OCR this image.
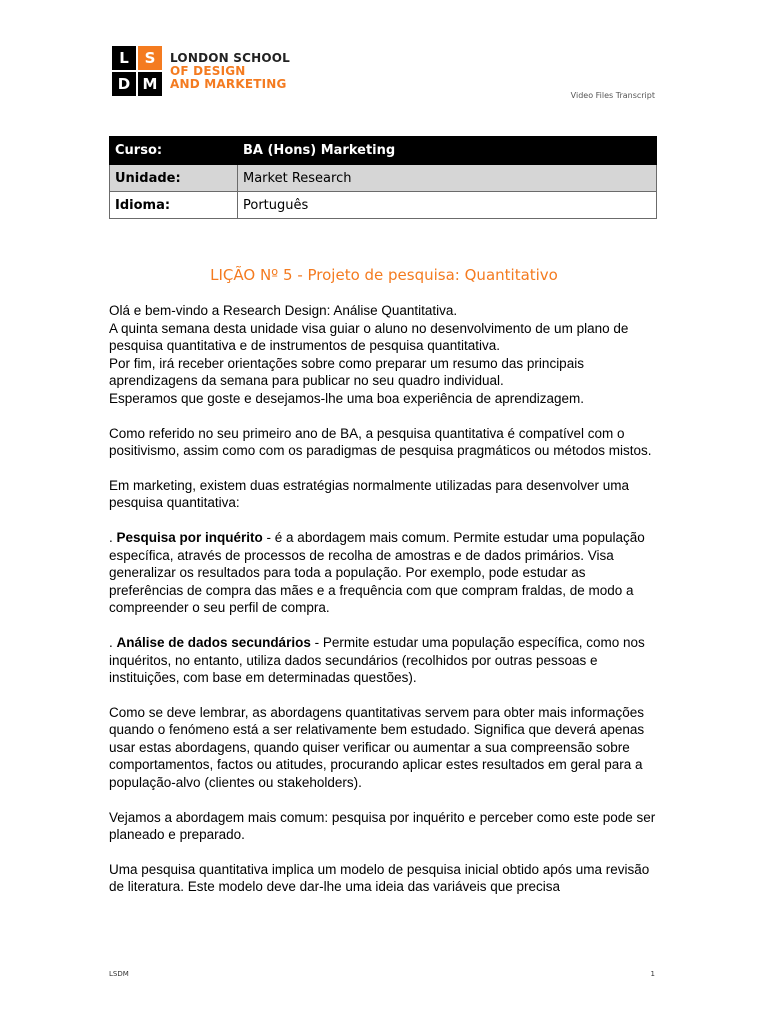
L	S
D M
LONDON SCHOOL
OF DESIGN
AND MARKETING
Video Files Transcript
Curso:	BA (Hons) Marketing
Unidade:	Market Research
Idioma:	Português
LIÇÃO Nº 5 - Projeto de pesquisa: Quantitativo

Olá e bem-vindo a Research Design: Análise Quantitativa.
A quinta semana desta unidade visa guiar o aluno no desenvolvimento de um plano de pesquisa quantitativa e de instrumentos de pesquisa quantitativa.
Por fim, irá receber orientações sobre como preparar um resumo das principais aprendizagens da semana para publicar no seu quadro individual.
Esperamos que goste e desejamos-lhe uma boa experiência de aprendizagem.

Como referido no seu primeiro ano de BA, a pesquisa quantitativa é compatível com o positivismo, assim como com os paradigmas de pesquisa pragmáticos ou métodos mistos.

Em marketing, existem duas estratégias normalmente utilizadas para desenvolver uma pesquisa quantitativa:

. Pesquisa por inquérito - é a abordagem mais comum. Permite estudar uma população específica, através de processos de recolha de amostras e de dados primários. Visa generalizar os resultados para toda a população. Por exemplo, pode estudar as preferências de compra das mães e a frequência com que compram fraldas, de modo a compreender o seu perfil de compra.

. Análise de dados secundários - Permite estudar uma população específica, como nos inquéritos, no entanto, utiliza dados secundários (recolhidos por outras pessoas e instituições, com base em determinadas questões).

Como se deve lembrar, as abordagens quantitativas servem para obter mais informações quando o fenómeno está a ser relativamente bem estudado. Significa que deverá apenas usar estas abordagens, quando quiser verificar ou aumentar a sua compreensão sobre comportamentos, factos ou atitudes, procurando aplicar estes resultados em geral para a população-alvo (clientes ou stakeholders).

Vejamos a abordagem mais comum: pesquisa por inquérito e perceber como este pode ser planeado e preparado.

Uma pesquisa quantitativa implica um modelo de pesquisa inicial obtido após uma revisão de literatura. Este modelo deve dar-lhe uma ideia das variáveis que precisa

LSDM	1
